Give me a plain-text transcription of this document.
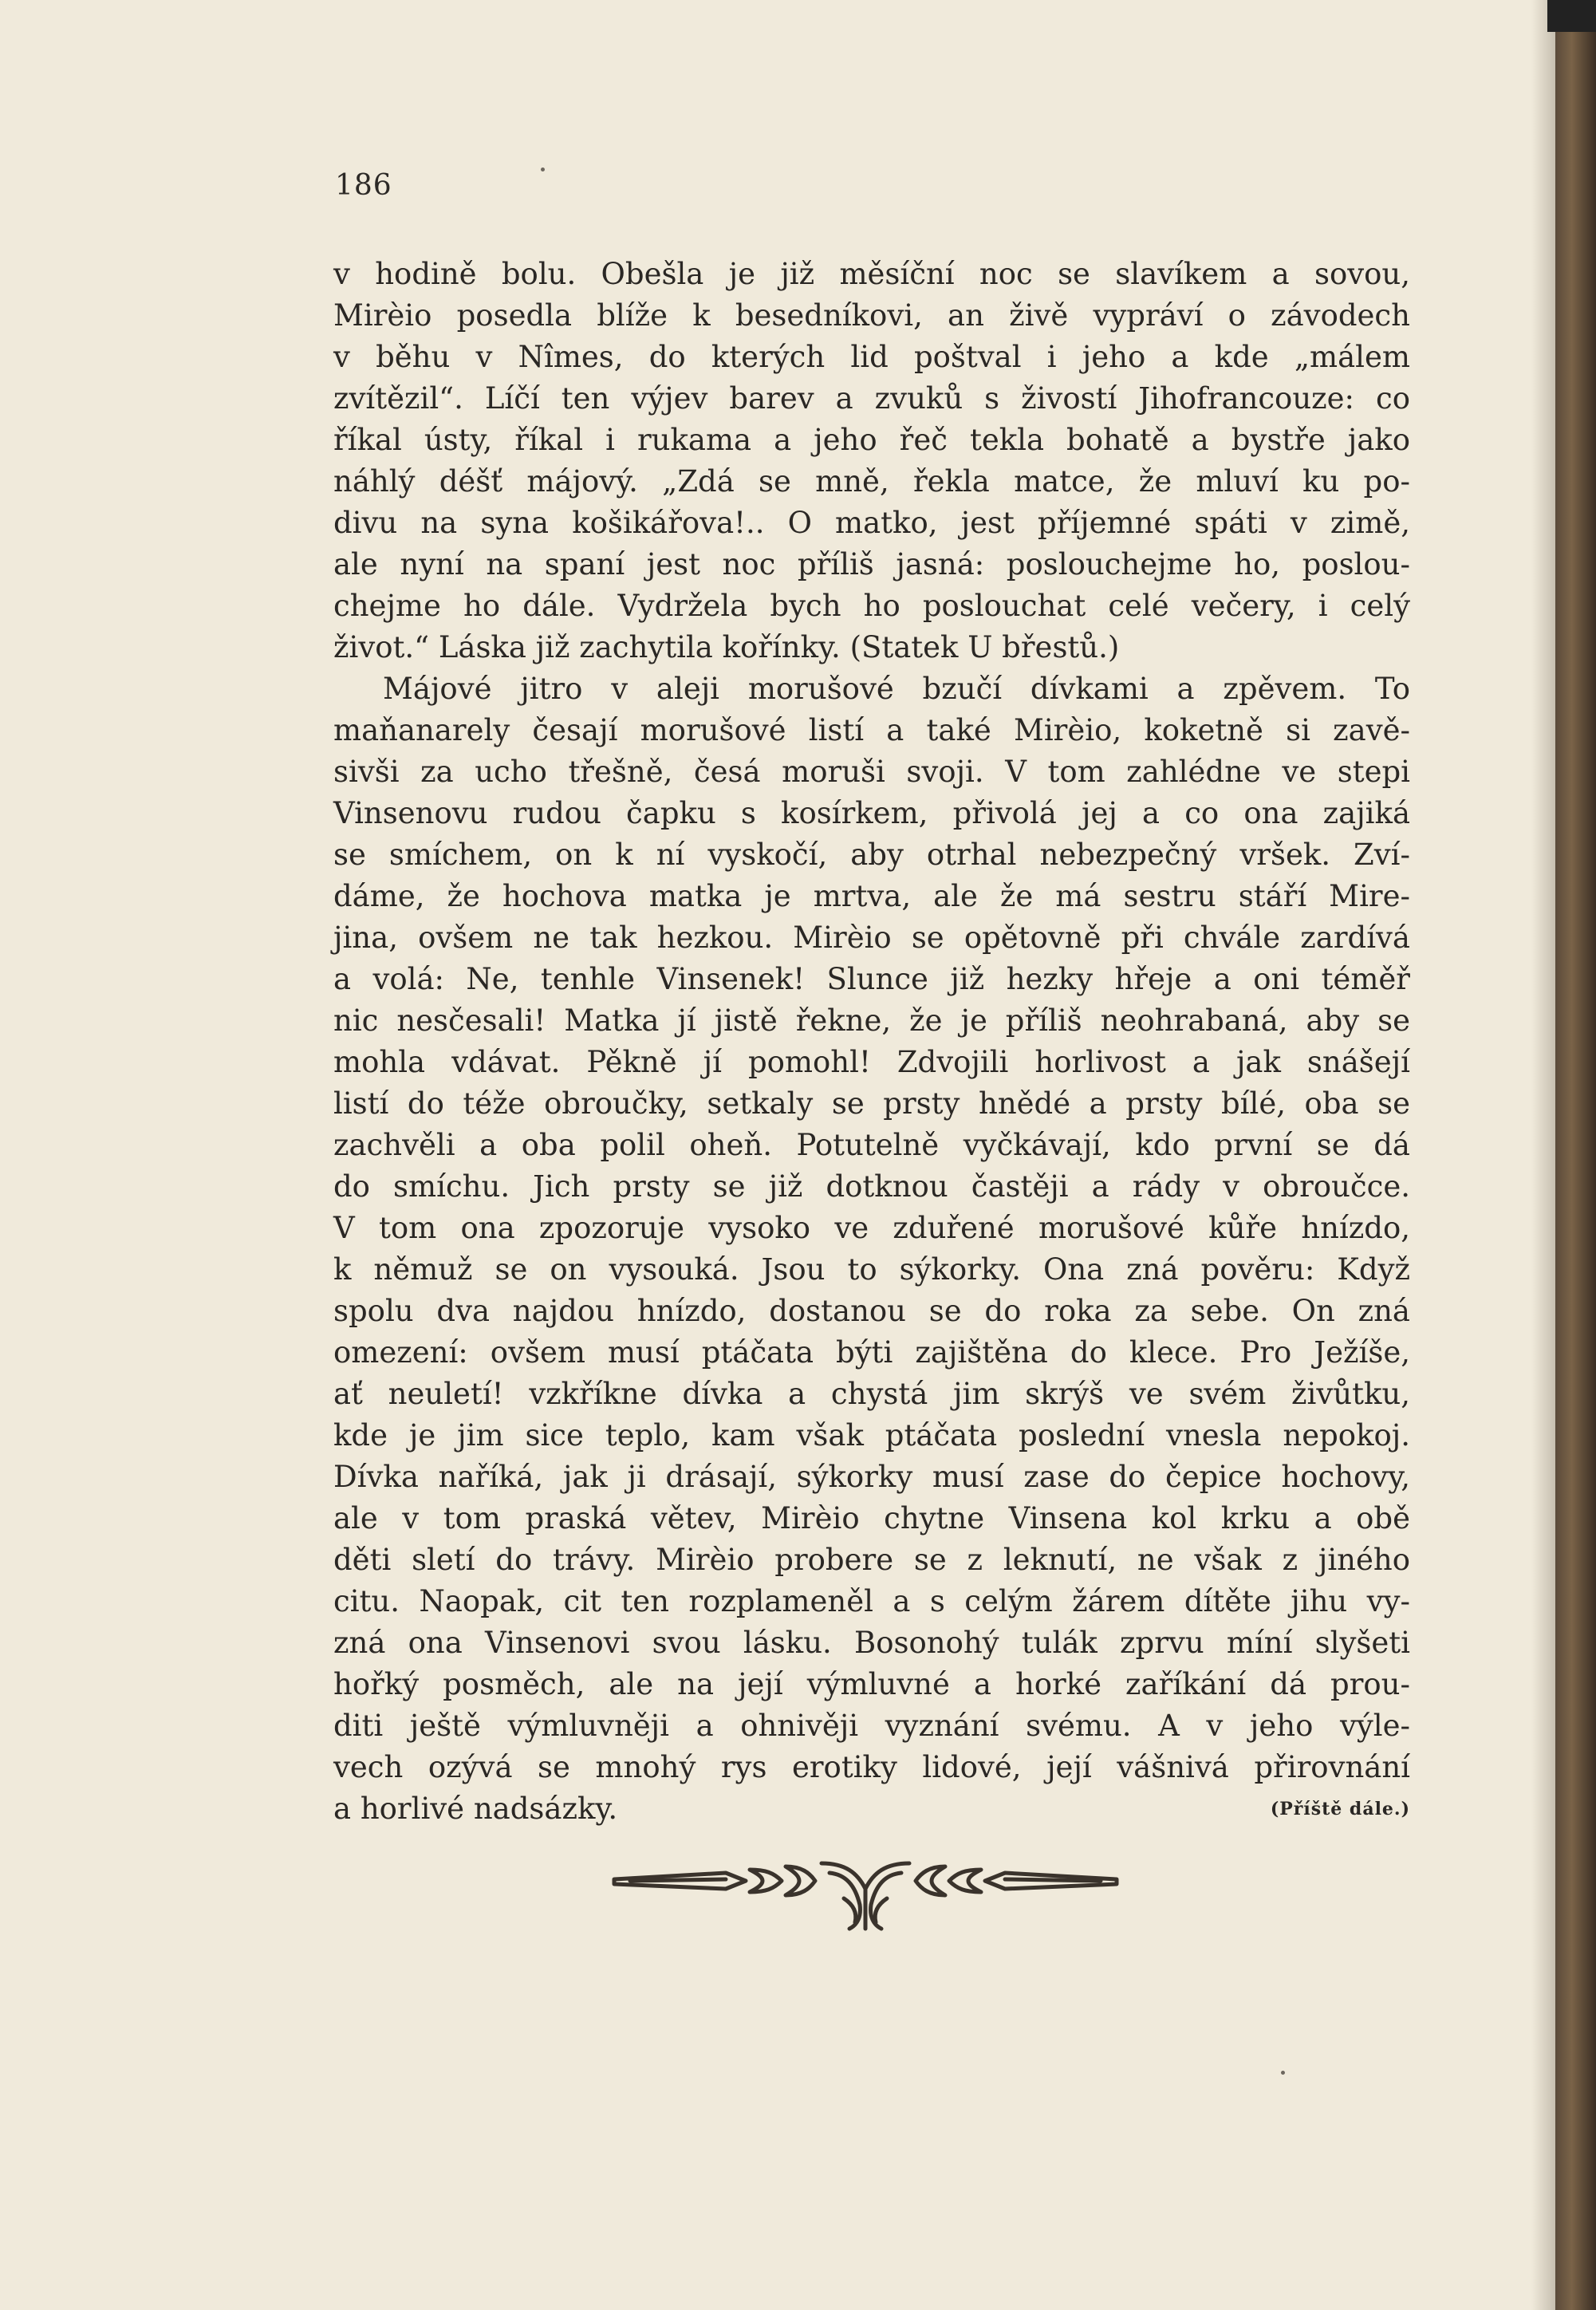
186
v hodině bolu. Obešla je již měsíční noc se slavíkem a sovou,
Mirèio posedla blíže k besedníkovi, an živě vypráví o závodech
v běhu v Nîmes, do kterých lid poštval i jeho a kde „málem
zvítězil“. Líčí ten výjev barev a zvuků s živostí Jihofrancouze: co
říkal ústy, říkal i rukama a jeho řeč tekla bohatě a bystře jako
náhlý déšť májový. „Zdá se mně, řekla matce, že mluví ku po-
divu na syna košikářova!.. O matko, jest příjemné spáti v zimě,
ale nyní na spaní jest noc příliš jasná: poslouchejme ho, poslou-
chejme ho dále. Vydržela bych ho poslouchat celé večery, i celý
život.“ Láska již zachytila kořínky. (Statek U břestů.)
Májové jitro v aleji morušové bzučí dívkami a zpěvem. To
maňanarely česají morušové listí a také Mirèio, koketně si zavě-
sivši za ucho třešně, česá moruši svoji. V tom zahlédne ve stepi
Vinsenovu rudou čapku s kosírkem, přivolá jej a co ona zajiká
se smíchem, on k ní vyskočí, aby otrhal nebezpečný vršek. Zví-
dáme, že hochova matka je mrtva, ale že má sestru stáří Mire-
jina, ovšem ne tak hezkou. Mirèio se opětovně při chvále zardívá
a volá: Ne, tenhle Vinsenek! Slunce již hezky hřeje a oni téměř
nic nesčesali! Matka jí jistě řekne, že je příliš neohrabaná, aby se
mohla vdávat. Pěkně jí pomohl! Zdvojili horlivost a jak snášejí
listí do téže obroučky, setkaly se prsty hnědé a prsty bílé, oba se
zachvěli a oba polil oheň. Potutelně vyčkávají, kdo první se dá
do smíchu. Jich prsty se již dotknou častěji a rády v obroučce.
V tom ona zpozoruje vysoko ve zduřené morušové kůře hnízdo,
k němuž se on vysouká. Jsou to sýkorky. Ona zná pověru: Když
spolu dva najdou hnízdo, dostanou se do roka za sebe. On zná
omezení: ovšem musí ptáčata býti zajištěna do klece. Pro Ježíše,
ať neuletí! vzkříkne dívka a chystá jim skrýš ve svém živůtku,
kde je jim sice teplo, kam však ptáčata poslední vnesla nepokoj.
Dívka naříká, jak ji drásají, sýkorky musí zase do čepice hochovy,
ale v tom praská větev, Mirèio chytne Vinsena kol krku a obě
děti sletí do trávy. Mirèio probere se z leknutí, ne však z jiného
citu. Naopak, cit ten rozplameněl a s celým žárem dítěte jihu vy-
zná ona Vinsenovi svou lásku. Bosonohý tulák zprvu míní slyšeti
hořký posměch, ale na její výmluvné a horké zaříkání dá prou-
diti ještě výmluvněji a ohnivěji vyznání svému. A v jeho výle-
vech ozývá se mnohý rys erotiky lidové, její vášnivá přirovnání
a horlivé nadsázky.	(Příště dále.)
